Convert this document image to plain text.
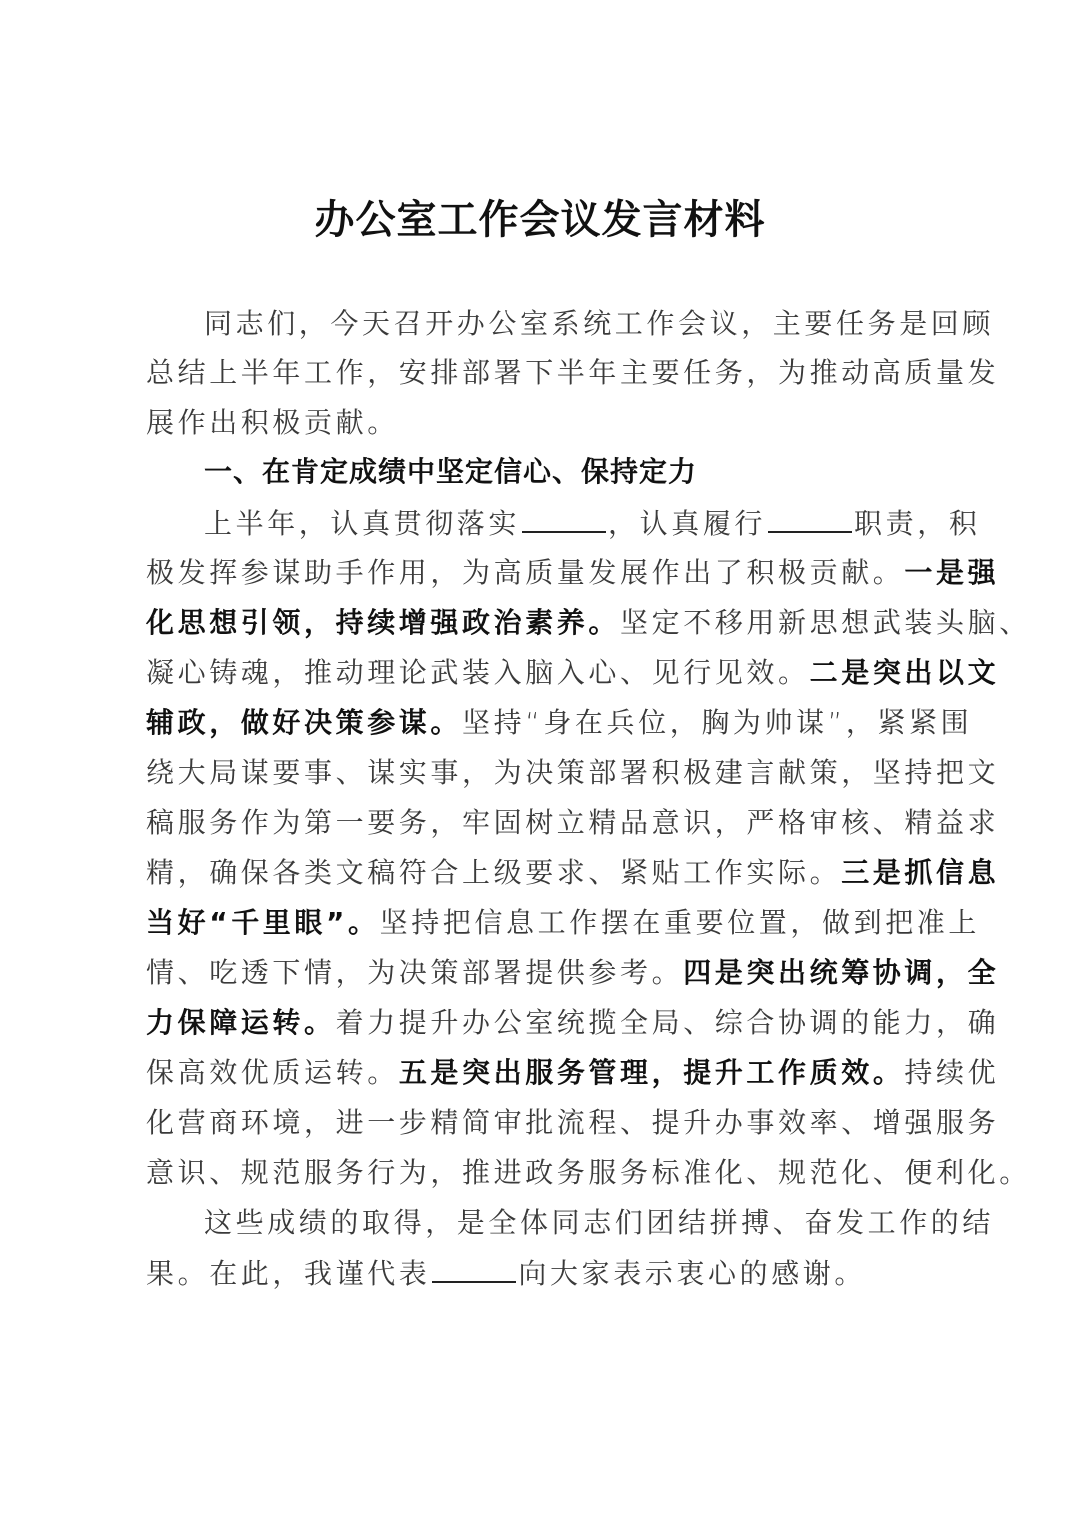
办公室工作会议发言材料
同志们，今天召开办公室系统工作会议，主要任务是回顾
总结上半年工作，安排部署下半年主要任务，为推动高质量发
展作出积极贡献。
一、在肯定成绩中坚定信心、保持定力
上半年，认真贯彻落实	，认真履行	职责，积
极发挥参谋助手作用，为高质量发展作出了积极贡献。一是强
化思想引领，持续增强政治素养。坚定不移用新思想武装头脑、
凝心铸魂，推动理论武装入脑入心、见行见效。二是突出以文
辅政，做好决策参谋。坚持“身在兵位，胸为帅谋”，紧紧围
绕大局谋要事、谋实事，为决策部署积极建言献策，坚持把文
稿服务作为第一要务，牢固树立精品意识，严格审核、精益求
精，确保各类文稿符合上级要求、紧贴工作实际。三是抓信息
当好“千里眼”。坚持把信息工作摆在重要位置，做到把准上
情、吃透下情，为决策部署提供参考。四是突出统筹协调，全
力保障运转。着力提升办公室统揽全局、综合协调的能力，确
保高效优质运转。五是突出服务管理，提升工作质效。持续优
化营商环境，进一步精简审批流程、提升办事效率、增强服务
意识、规范服务行为，推进政务服务标准化、规范化、便利化。
这些成绩的取得，是全体同志们团结拼搏、奋发工作的结
果。在此，我谨代表	向大家表示衷心的感谢。
